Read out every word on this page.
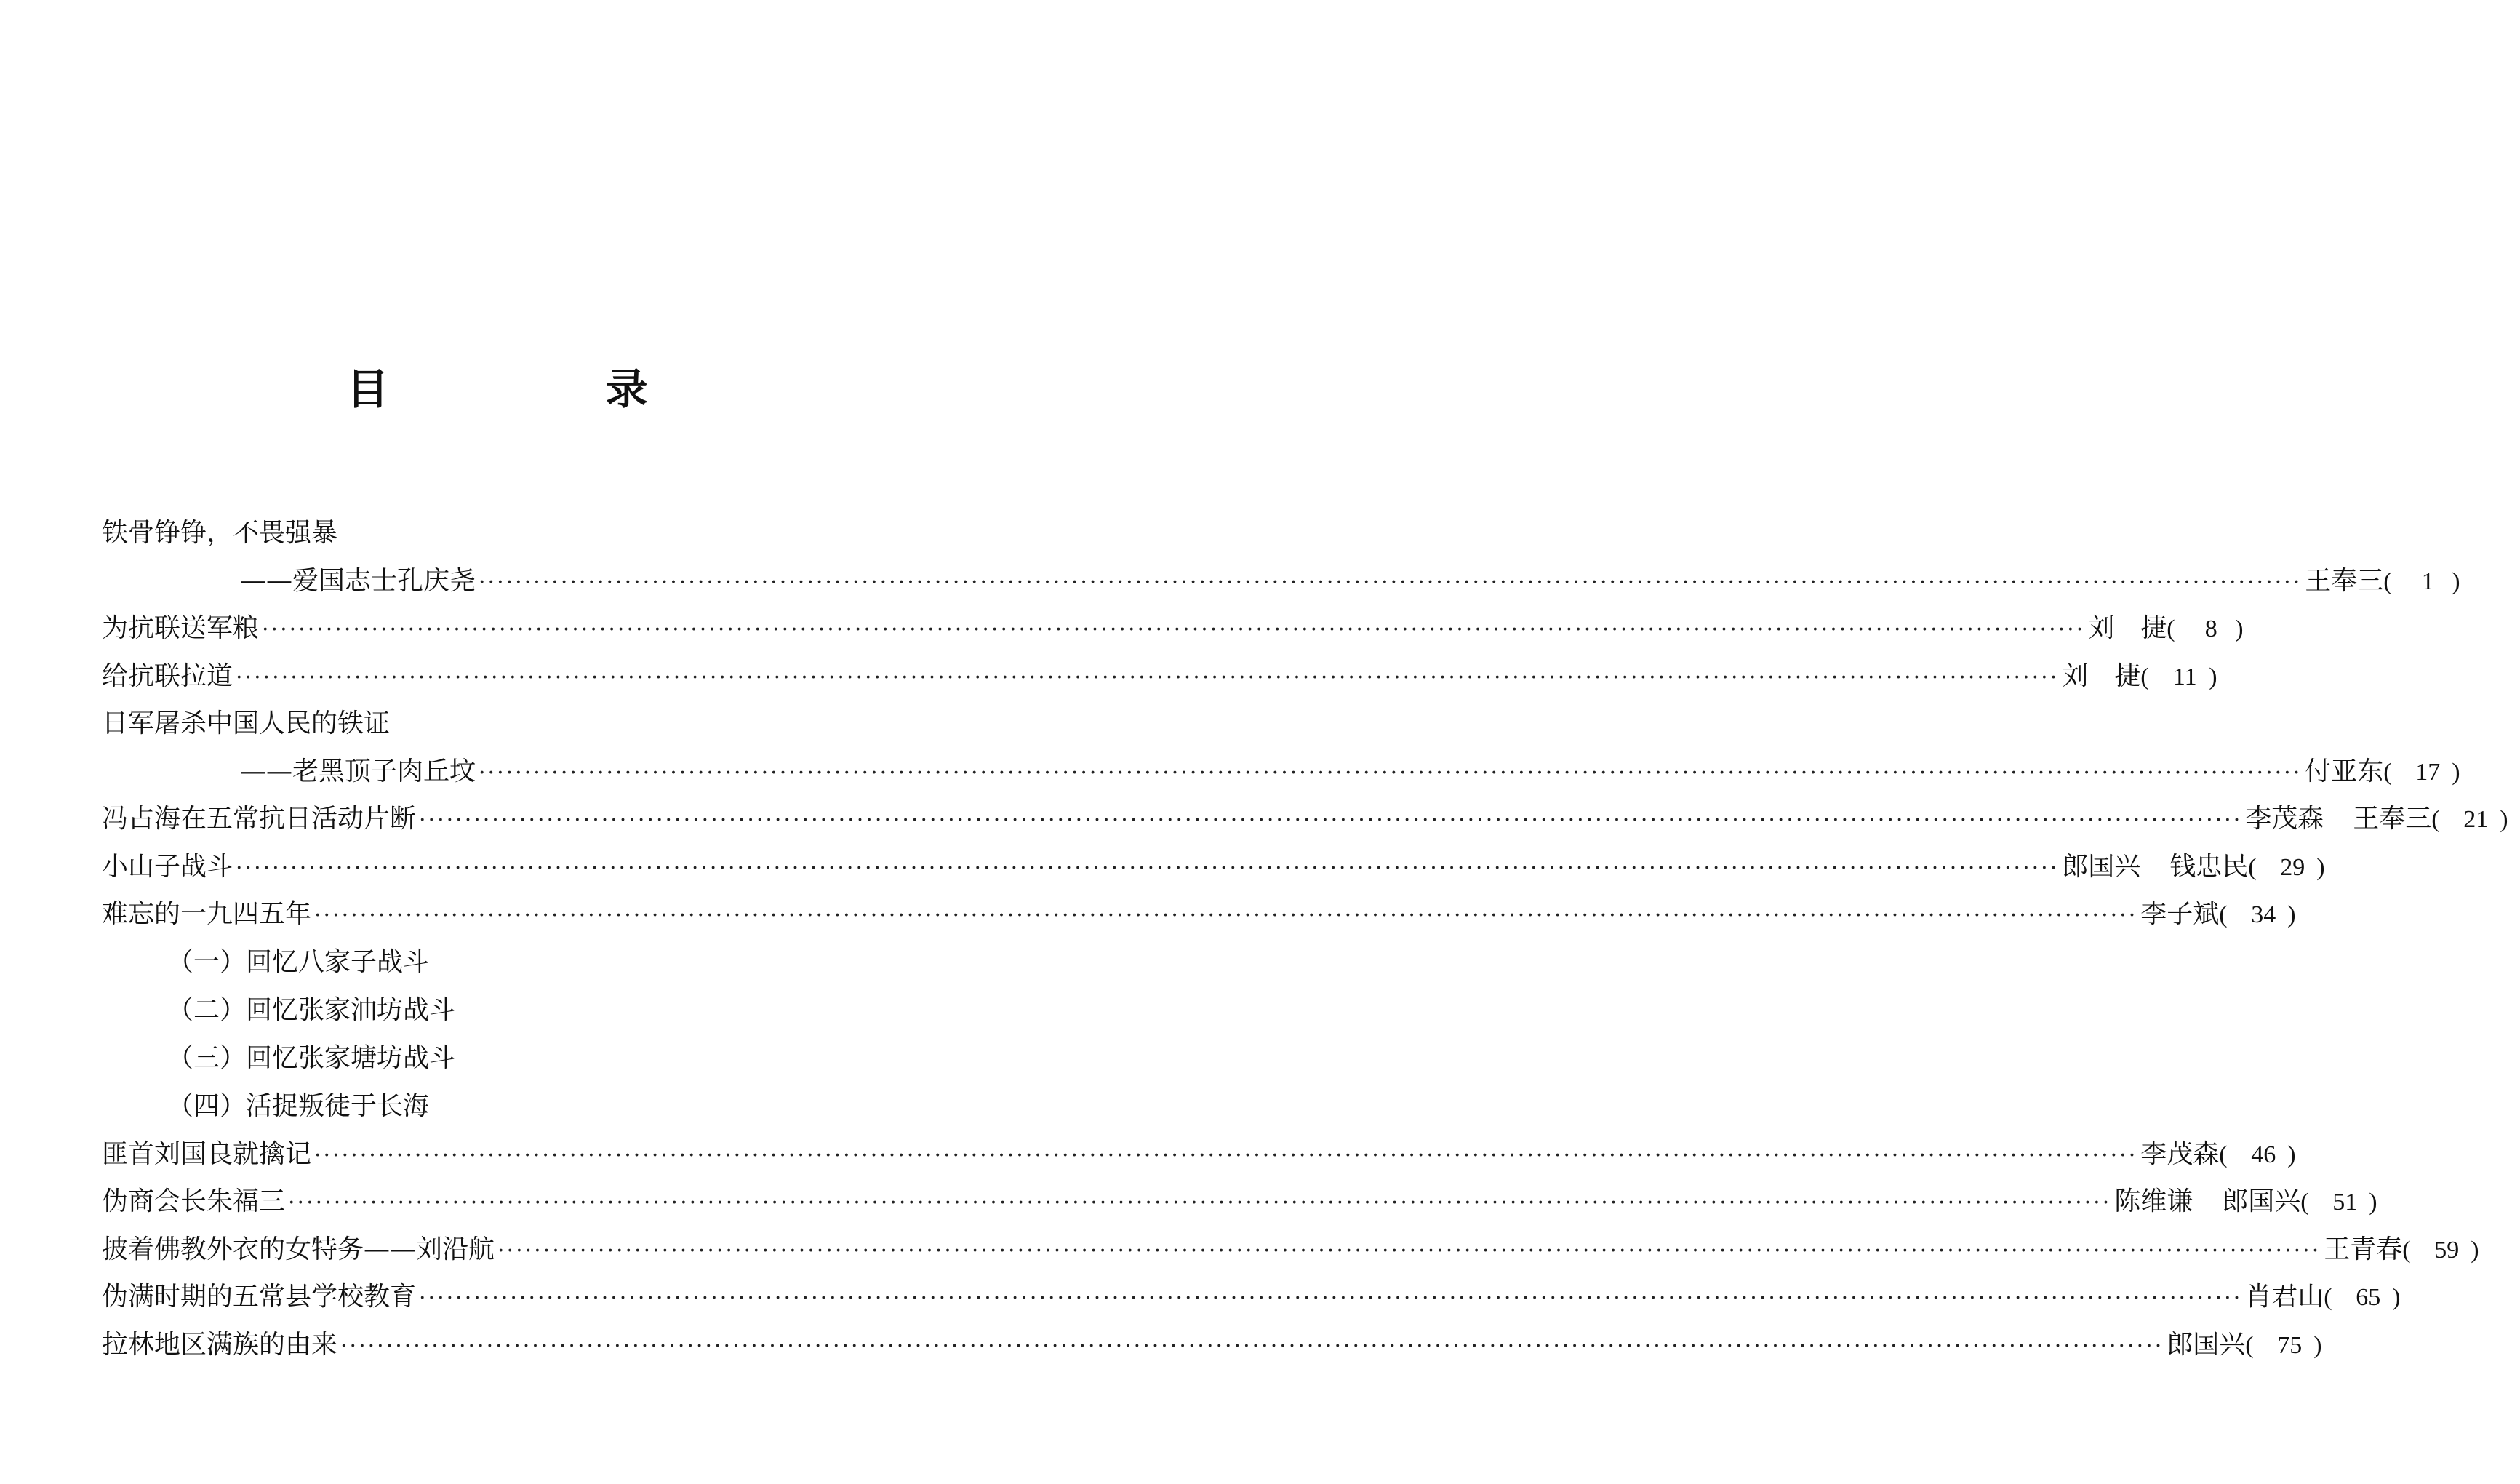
目　录
铁骨铮铮，不畏强暴
——爱国志士孔庆尧 ········································································································································································································ 王奉三 ( 1 )
为抗联送军粮 ········································································································································································································ 刘　捷 ( 8 )
给抗联拉道 ········································································································································································································ 刘　捷 ( 11 )
日军屠杀中国人民的铁证
——老黑顶子肉丘坟 ········································································································································································································ 付亚东 ( 17 )
冯占海在五常抗日活动片断 ········································································································································································································ 李茂森 王奉三 ( 21 )
小山子战斗 ········································································································································································································ 郎国兴 钱忠民 ( 29 )
难忘的一九四五年 ········································································································································································································ 李子斌 ( 34 )
（一）回忆八家子战斗
（二）回忆张家油坊战斗
（三）回忆张家塘坊战斗
（四）活捉叛徒于长海
匪首刘国良就擒记 ········································································································································································································ 李茂森 ( 46 )
伪商会长朱福三 ········································································································································································································ 陈维谦 郎国兴 ( 51 )
披着佛教外衣的女特务——刘沿航 ········································································································································································································ 王青春 ( 59 )
伪满时期的五常县学校教育 ········································································································································································································ 肖君山 ( 65 )
拉林地区满族的由来 ········································································································································································································ 郎国兴 ( 75 )
